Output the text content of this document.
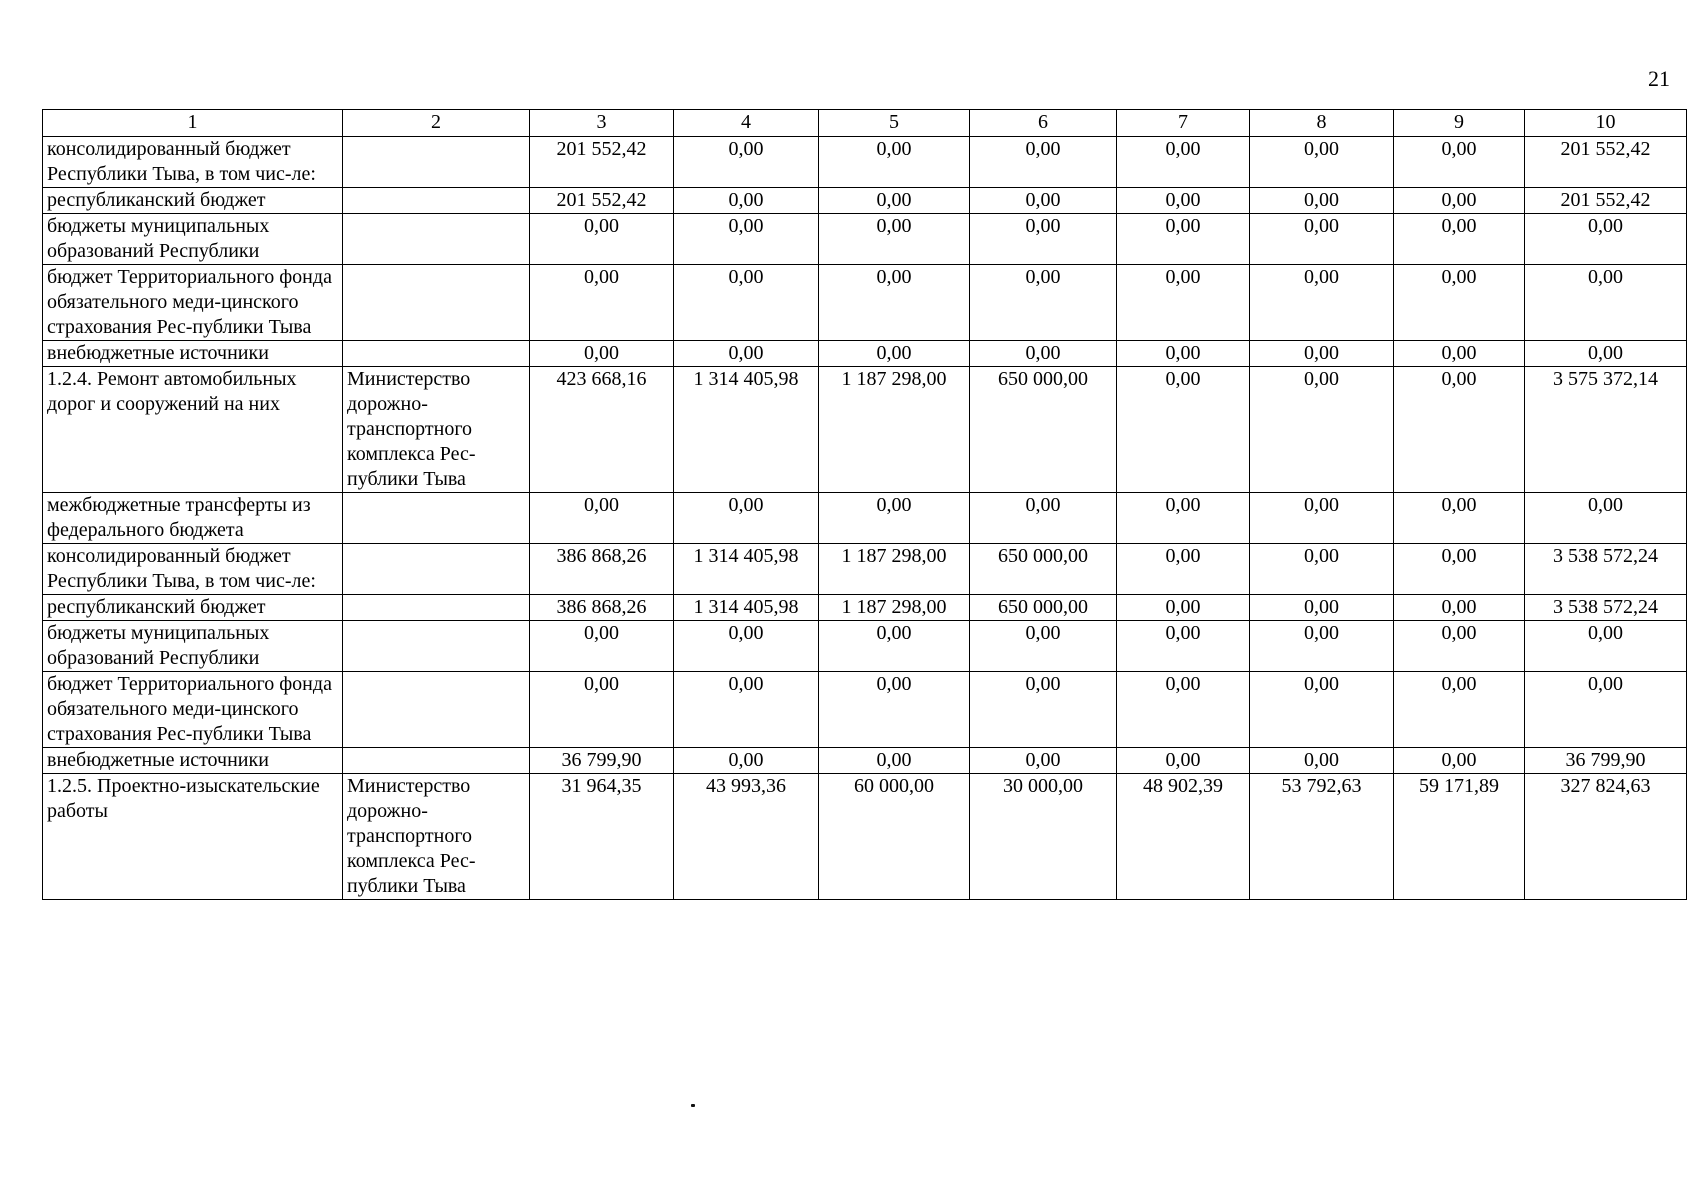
21
1	2	3	4	5	6	7	8	9	10
консолидированный бюджет Республики Тыва, в том чис-ле:		201 552,42	0,00	0,00	0,00	0,00	0,00	0,00	201 552,42
республиканский бюджет		201 552,42	0,00	0,00	0,00	0,00	0,00	0,00	201 552,42
бюджеты муниципальных образований Республики		0,00	0,00	0,00	0,00	0,00	0,00	0,00	0,00
бюджет Территориального фонда обязательного меди-цинского страхования Рес-публики Тыва		0,00	0,00	0,00	0,00	0,00	0,00	0,00	0,00
внебюджетные источники		0,00	0,00	0,00	0,00	0,00	0,00	0,00	0,00
1.2.4. Ремонт автомобильных дорог и сооружений на них	Министерство дорожно-транспортного комплекса Рес-публики Тыва	423 668,16	1 314 405,98	1 187 298,00	650 000,00	0,00	0,00	0,00	3 575 372,14
межбюджетные трансферты из федерального бюджета		0,00	0,00	0,00	0,00	0,00	0,00	0,00	0,00
консолидированный бюджет Республики Тыва, в том чис-ле:		386 868,26	1 314 405,98	1 187 298,00	650 000,00	0,00	0,00	0,00	3 538 572,24
республиканский бюджет		386 868,26	1 314 405,98	1 187 298,00	650 000,00	0,00	0,00	0,00	3 538 572,24
бюджеты муниципальных образований Республики		0,00	0,00	0,00	0,00	0,00	0,00	0,00	0,00
бюджет Территориального фонда обязательного меди-цинского страхования Рес-публики Тыва		0,00	0,00	0,00	0,00	0,00	0,00	0,00	0,00
внебюджетные источники		36 799,90	0,00	0,00	0,00	0,00	0,00	0,00	36 799,90
1.2.5. Проектно-изыскательские работы	Министерство дорожно-транспортного комплекса Рес-публики Тыва	31 964,35	43 993,36	60 000,00	30 000,00	48 902,39	53 792,63	59 171,89	327 824,63
